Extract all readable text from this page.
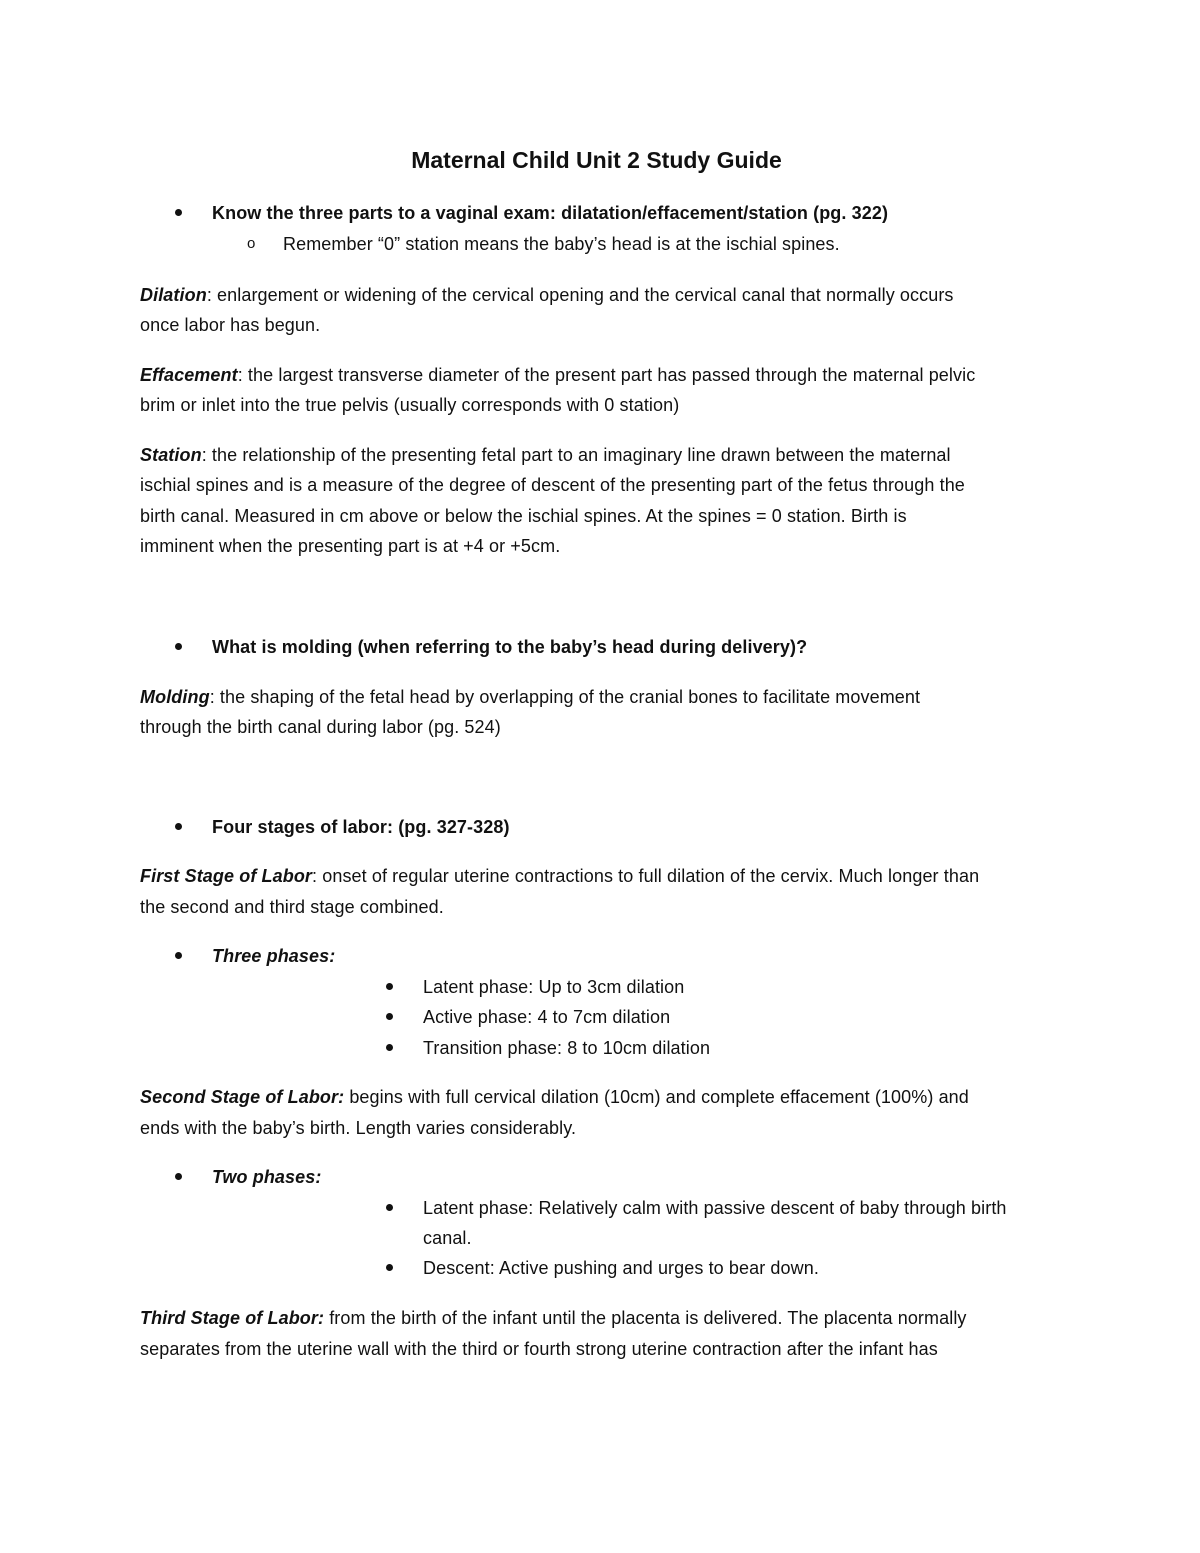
Maternal Child Unit 2 Study Guide
Know the three parts to a vaginal exam: dilatation/effacement/station (pg. 322)
o Remember “0” station means the baby’s head is at the ischial spines.
Dilation: enlargement or widening of the cervical opening and the cervical canal that normally occurs
once labor has begun.
Effacement: the largest transverse diameter of the present part has passed through the maternal pelvic
brim or inlet into the true pelvis (usually corresponds with 0 station)
Station: the relationship of the presenting fetal part to an imaginary line drawn between the maternal
ischial spines and is a measure of the degree of descent of the presenting part of the fetus through the
birth canal. Measured in cm above or below the ischial spines. At the spines = 0 station. Birth is
imminent when the presenting part is at +4 or +5cm.
What is molding (when referring to the baby’s head during delivery)?
Molding: the shaping of the fetal head by overlapping of the cranial bones to facilitate movement
through the birth canal during labor (pg. 524)
Four stages of labor: (pg. 327-328)
First Stage of Labor: onset of regular uterine contractions to full dilation of the cervix. Much longer than
the second and third stage combined.
Three phases:
Latent phase: Up to 3cm dilation
Active phase: 4 to 7cm dilation
Transition phase: 8 to 10cm dilation
Second Stage of Labor: begins with full cervical dilation (10cm) and complete effacement (100%) and
ends with the baby’s birth. Length varies considerably.
Two phases:
Latent phase: Relatively calm with passive descent of baby through birth
canal.
Descent: Active pushing and urges to bear down.
Third Stage of Labor: from the birth of the infant until the placenta is delivered. The placenta normally
separates from the uterine wall with the third or fourth strong uterine contraction after the infant has
